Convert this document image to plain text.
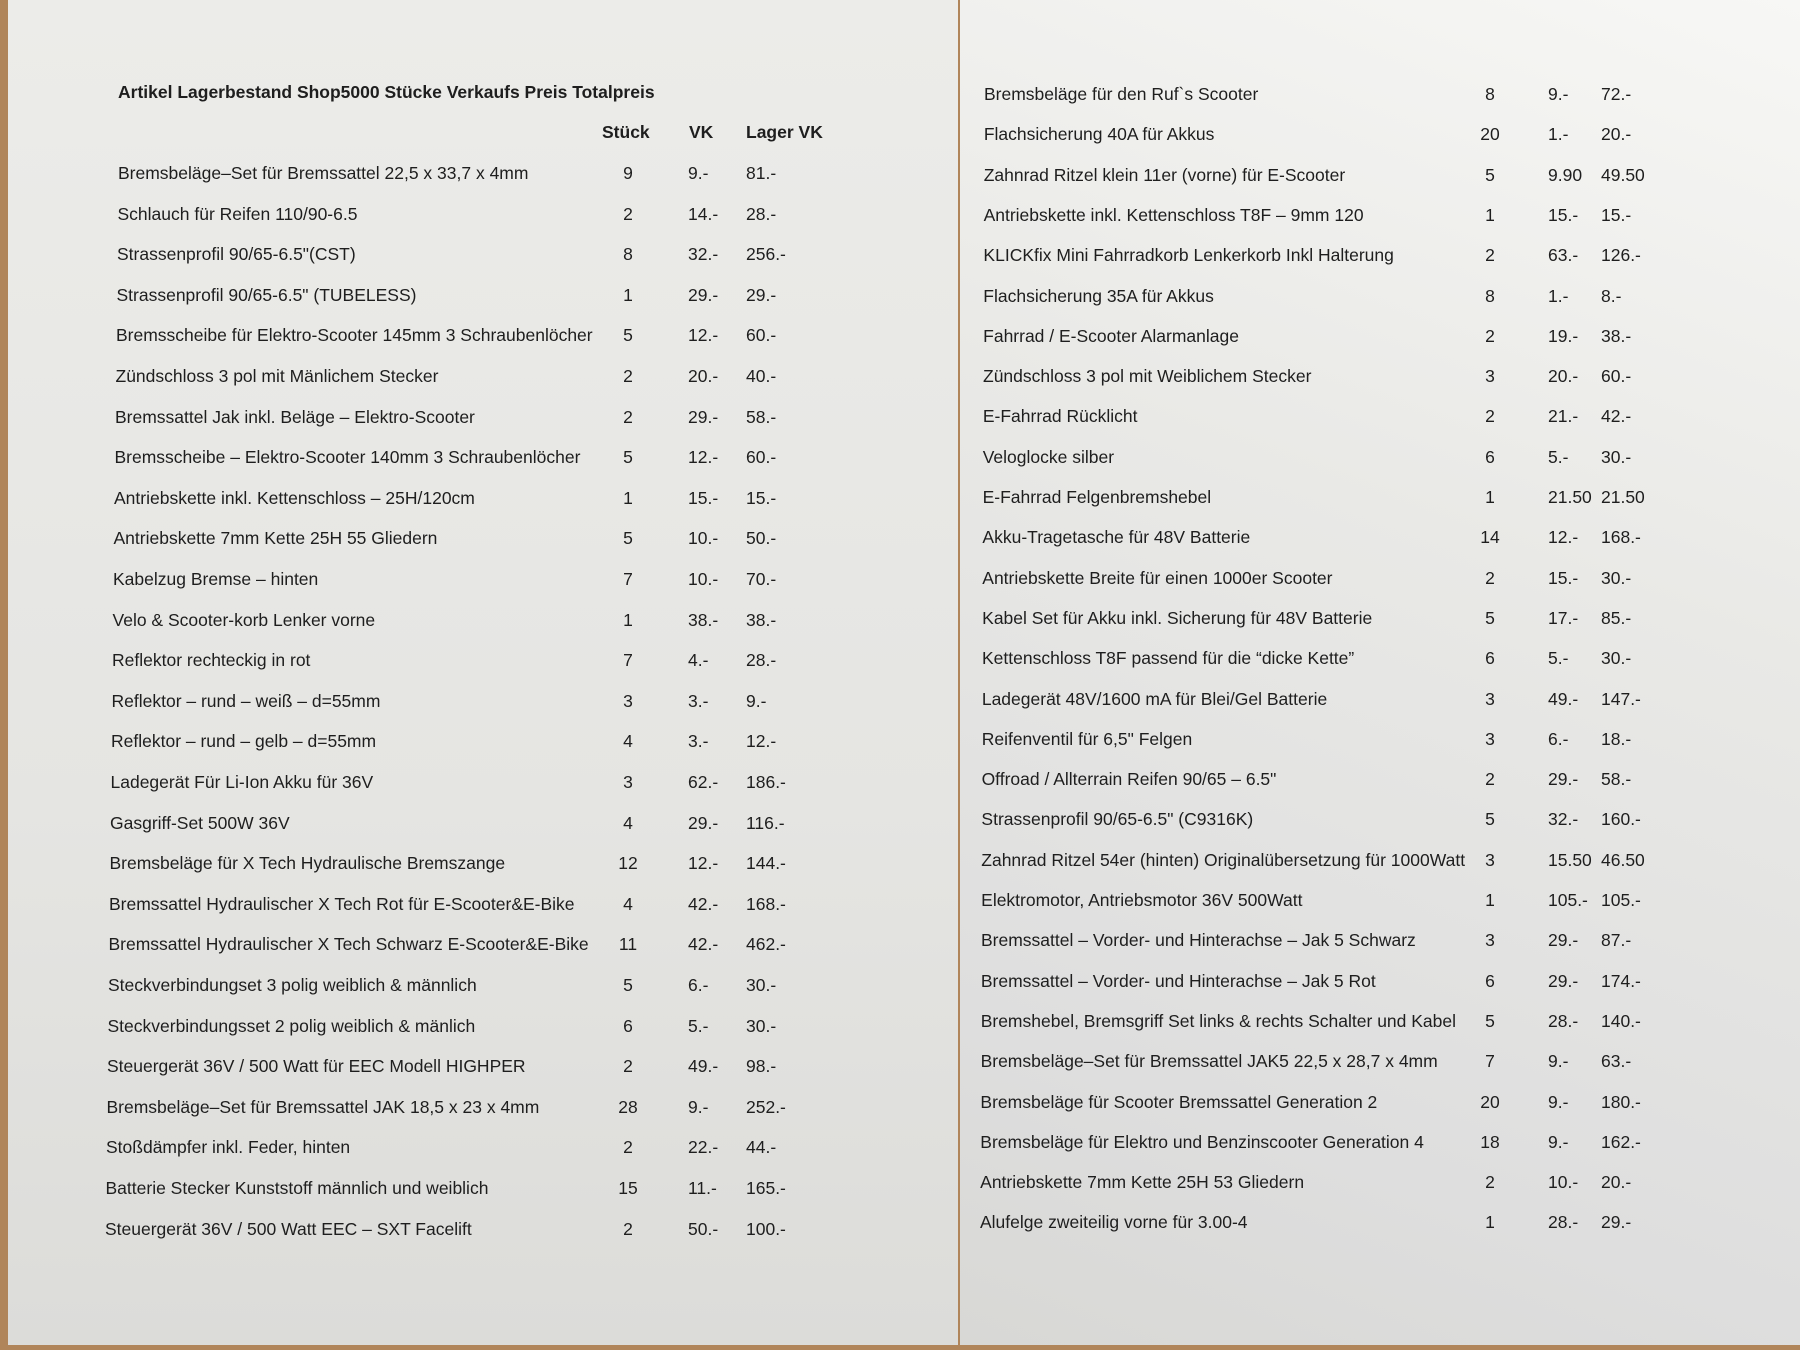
Artikel Lagerbestand Shop5000 Stücke Verkaufs Preis Totalpreis
Stück VK Lager VK
Bremsbeläge–Set für Bremssattel 22,5 x 33,7 x 4mm	9	9.- 81.-
Schlauch für Reifen 110/90-6.5	2	14.- 28.-
Strassenprofil 90/65-6.5"(CST)	8	32.- 256.-
Strassenprofil 90/65-6.5" (TUBELESS)	1	29.- 29.-
Bremsscheibe für Elektro-Scooter 145mm 3 Schraubenlöcher	5	12.- 60.-
Zündschloss 3 pol mit Mänlichem Stecker	2	20.- 40.-
Bremssattel Jak inkl. Beläge – Elektro-Scooter	2	29.- 58.-
Bremsscheibe – Elektro-Scooter 140mm 3 Schraubenlöcher	5	12.- 60.-
Antriebskette inkl. Kettenschloss – 25H/120cm	1	15.- 15.-
Antriebskette 7mm Kette 25H 55 Gliedern	5	10.- 50.-
Kabelzug Bremse – hinten	7	10.- 70.-
Velo & Scooter-korb Lenker vorne	1	38.- 38.-
Reflektor rechteckig in rot	7	4.- 28.-
Reflektor – rund – weiß – d=55mm	3	3.- 9.-
Reflektor – rund – gelb – d=55mm	4	3.- 12.-
Ladegerät Für Li-Ion Akku für 36V	3	62.- 186.-
Gasgriff-Set 500W 36V	4	29.- 116.-
Bremsbeläge für X Tech Hydraulische Bremszange	12	12.- 144.-
Bremssattel Hydraulischer X Tech Rot für E-Scooter&E-Bike	4	42.- 168.-
Bremssattel Hydraulischer X Tech Schwarz E-Scooter&E-Bike	11	42.- 462.-
Steckverbindungset 3 polig weiblich & männlich	5	6.- 30.-
Steckverbindungsset 2 polig weiblich & mänlich	6	5.- 30.-
Steuergerät 36V / 500 Watt für EEC Modell HIGHPER	2	49.- 98.-
Bremsbeläge–Set für Bremssattel JAK 18,5 x 23 x 4mm	28	9.- 252.-
Stoßdämpfer inkl. Feder, hinten	2	22.- 44.-
Batterie Stecker Kunststoff männlich und weiblich	15	11.- 165.-
Steuergerät 36V / 500 Watt EEC – SXT Facelift	2	50.- 100.-
Bremsbeläge für den Ruf`s Scooter	8	9.- 72.-
Flachsicherung 40A für Akkus	20	1.- 20.-
Zahnrad Ritzel klein 11er (vorne) für E-Scooter	5	9.90 49.50
Antriebskette inkl. Kettenschloss T8F – 9mm 120	1	15.- 15.-
KLICKfix Mini Fahrradkorb Lenkerkorb Inkl Halterung	2	63.- 126.-
Flachsicherung 35A für Akkus	8	1.- 8.-
Fahrrad / E-Scooter Alarmanlage	2	19.- 38.-
Zündschloss 3 pol mit Weiblichem Stecker	3	20.- 60.-
E-Fahrrad Rücklicht	2	21.- 42.-
Veloglocke silber	6	5.- 30.-
E-Fahrrad Felgenbremshebel	1	21.50 21.50
Akku-Tragetasche für 48V Batterie	14	12.- 168.-
Antriebskette Breite für einen 1000er Scooter	2	15.- 30.-
Kabel Set für Akku inkl. Sicherung für 48V Batterie	5	17.- 85.-
Kettenschloss T8F passend für die “dicke Kette”	6	5.- 30.-
Ladegerät 48V/1600 mA für Blei/Gel Batterie	3	49.- 147.-
Reifenventil für 6,5" Felgen	3	6.- 18.-
Offroad / Allterrain Reifen 90/65 – 6.5"	2	29.- 58.-
Strassenprofil 90/65-6.5" (C9316K)	5	32.- 160.-
Zahnrad Ritzel 54er (hinten) Originalübersetzung für 1000Watt	3	15.50 46.50
Elektromotor, Antriebsmotor 36V 500Watt	1	105.- 105.-
Bremssattel – Vorder- und Hinterachse – Jak 5 Schwarz	3	29.- 87.-
Bremssattel – Vorder- und Hinterachse – Jak 5 Rot	6	29.- 174.-
Bremshebel, Bremsgriff Set links & rechts Schalter und Kabel	5	28.- 140.-
Bremsbeläge–Set für Bremssattel JAK5 22,5 x 28,7 x 4mm	7	9.- 63.-
Bremsbeläge für Scooter Bremssattel Generation 2	20	9.- 180.-
Bremsbeläge für Elektro und Benzinscooter Generation 4	18	9.- 162.-
Antriebskette 7mm Kette 25H 53 Gliedern	2	10.- 20.-
Alufelge zweiteilig vorne für 3.00-4	1	28.- 29.-
